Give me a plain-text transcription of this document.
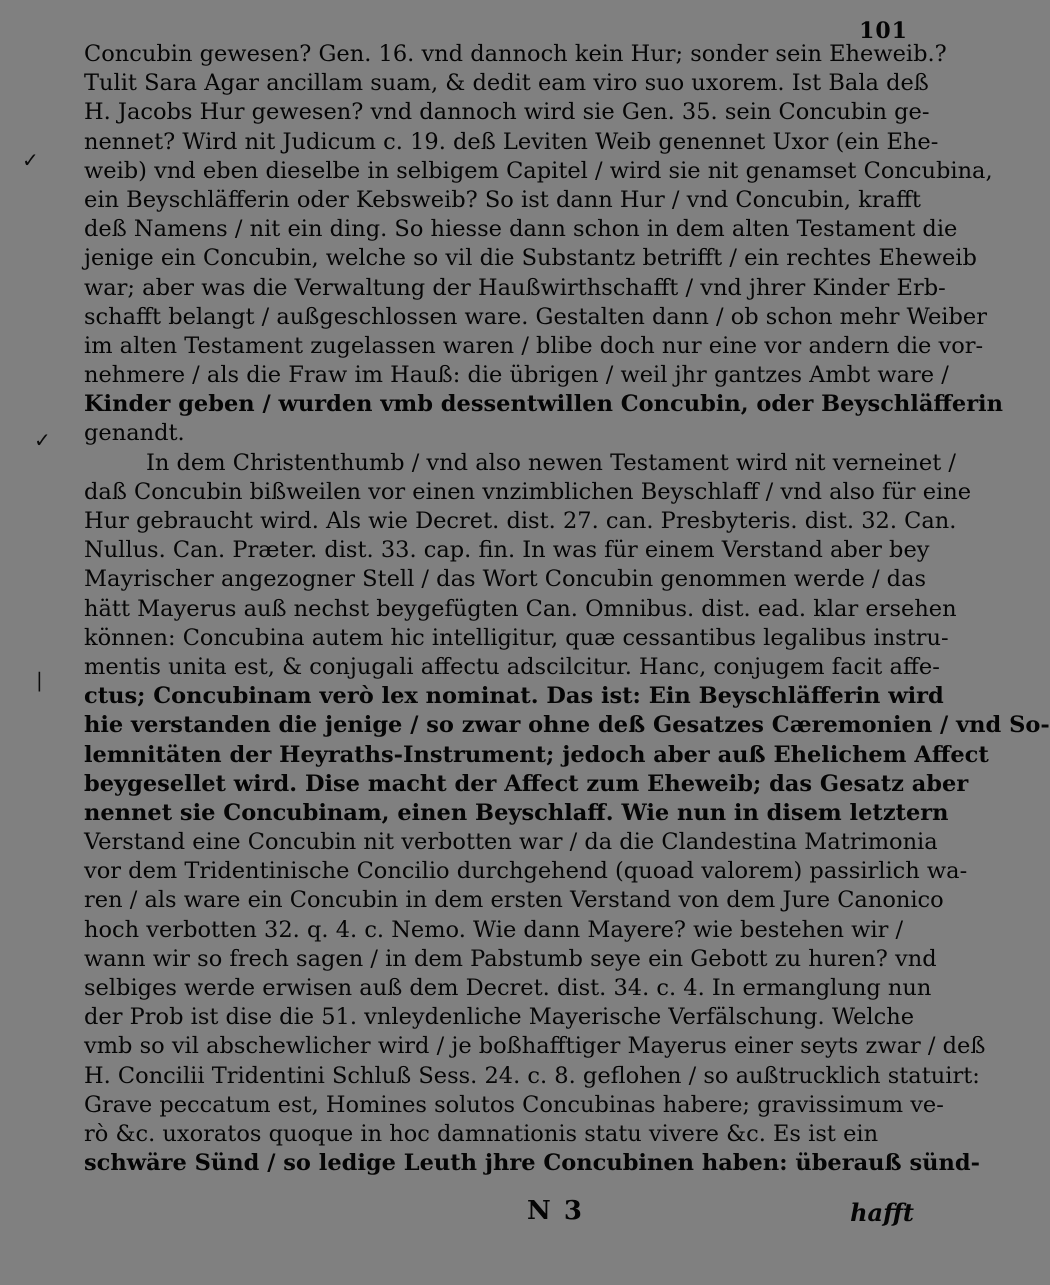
101
✓
✓
|
Concubin gewesen? Gen. 16. vnd dannoch kein Hur; sonder sein Eheweib.?
Tulit Sara Agar ancillam suam, & dedit eam viro suo uxorem. Ist Bala deß
H. Jacobs Hur gewesen? vnd dannoch wird sie Gen. 35. sein Concubin ge-
nennet? Wird nit Judicum c. 19. deß Leviten Weib genennet Uxor (ein Ehe-
weib) vnd eben dieselbe in selbigem Capitel / wird sie nit genamset Concubina,
ein Beyschläfferin oder Kebsweib? So ist dann Hur / vnd Concubin, krafft
deß Namens / nit ein ding. So hiesse dann schon in dem alten Testament die
jenige ein Concubin, welche so vil die Substantz betrifft / ein rechtes Eheweib
war; aber was die Verwaltung der Haußwirthschafft / vnd jhrer Kinder Erb-
schafft belangt / außgeschlossen ware. Gestalten dann / ob schon mehr Weiber
im alten Testament zugelassen waren / blibe doch nur eine vor andern die vor-
nehmere / als die Fraw im Hauß: die übrigen / weil jhr gantzes Ambt ware /
Kinder geben / wurden vmb dessentwillen Concubin, oder Beyschläfferin
genandt.
In dem Christenthumb / vnd also newen Testament wird nit verneinet /
daß Concubin bißweilen vor einen vnzimblichen Beyschlaff / vnd also für eine
Hur gebraucht wird. Als wie Decret. dist. 27. can. Presbyteris. dist. 32. Can.
Nullus. Can. Præter. dist. 33. cap. fin. In was für einem Verstand aber bey
Mayrischer angezogner Stell / das Wort Concubin genommen werde / das
hätt Mayerus auß nechst beygefügten Can. Omnibus. dist. ead. klar ersehen
können: Concubina autem hic intelligitur, quæ cessantibus legalibus instru-
mentis unita est, & conjugali affectu adscilcitur. Hanc, conjugem facit affe-
ctus; Concubinam verò lex nominat. Das ist: Ein Beyschläfferin wird
hie verstanden die jenige / so zwar ohne deß Gesatzes Cæremonien / vnd So-
lemnitäten der Heyraths-Instrument; jedoch aber auß Ehelichem Affect
beygesellet wird. Dise macht der Affect zum Eheweib; das Gesatz aber
nennet sie Concubinam, einen Beyschlaff. Wie nun in disem letztern
Verstand eine Concubin nit verbotten war / da die Clandestina Matrimonia
vor dem Tridentinische Concilio durchgehend (quoad valorem) passirlich wa-
ren / als ware ein Concubin in dem ersten Verstand von dem Jure Canonico
hoch verbotten 32. q. 4. c. Nemo. Wie dann Mayere? wie bestehen wir /
wann wir so frech sagen / in dem Pabstumb seye ein Gebott zu huren? vnd
selbiges werde erwisen auß dem Decret. dist. 34. c. 4. In ermanglung nun
der Prob ist dise die 51. vnleydenliche Mayerische Verfälschung. Welche
vmb so vil abschewlicher wird / je boßhafftiger Mayerus einer seyts zwar / deß
H. Concilii Tridentini Schluß Sess. 24. c. 8. geflohen / so außtrucklich statuirt:
Grave peccatum est, Homines solutos Concubinas habere; gravissimum ve-
rò &c. uxoratos quoque in hoc damnationis statu vivere &c. Es ist ein
schwäre Sünd / so ledige Leuth jhre Concubinen haben: überauß sünd-
N 3	hafft
